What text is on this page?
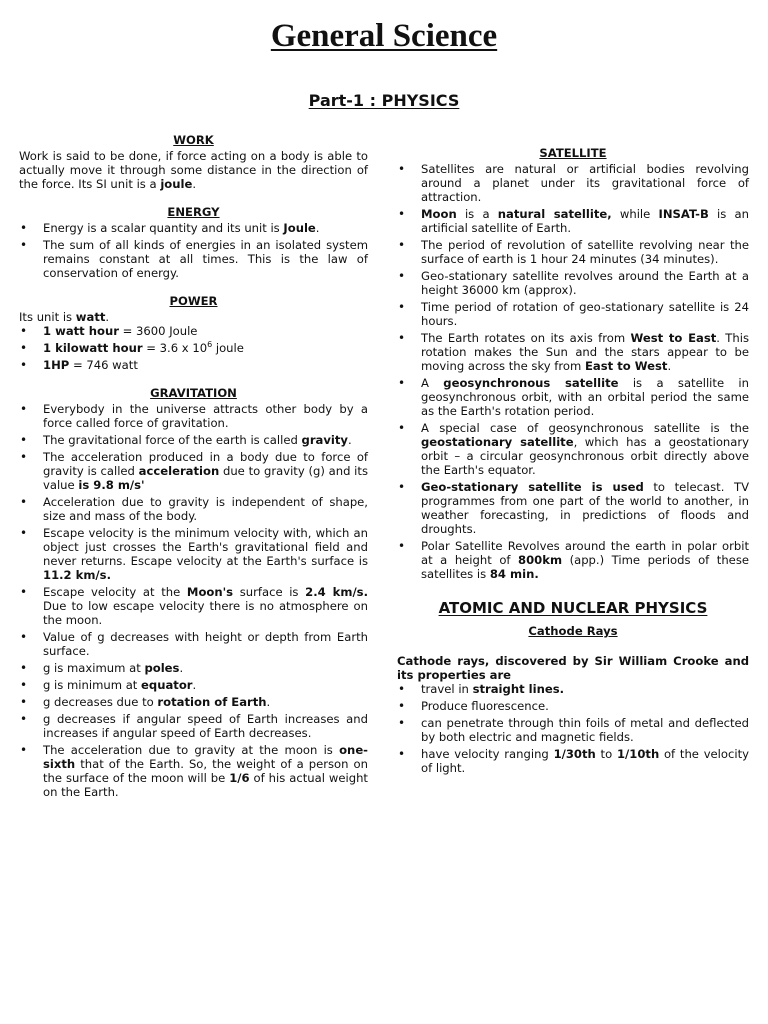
General Science
Part-1 : PHYSICS
WORK

Work is said to be done, if force acting on a body is able to actually move it through some distance in the direction of the force. Its SI unit is a joule.

ENERGY
• Energy is a scalar quantity and its unit is Joule.
• The sum of all kinds of energies in an isolated system remains constant at all times. This is the law of conservation of energy.
POWER

Its unit is watt.

• 1 watt hour = 3600 Joule
• 1 kilowatt hour = 3.6 x $10^6$ joule
• 1HP = 746 watt
GRAVITATION
• Everybody in the universe attracts other body by a force called force of gravitation.
• The gravitational force of the earth is called gravity.
• The acceleration produced in a body due to force of gravity is called acceleration due to gravity (g) and its value is 9.8 m/s'
• Acceleration due to gravity is independent of shape, size and mass of the body.
• Escape velocity is the minimum velocity with, which an object just crosses the Earth's gravitational field and never returns. Escape velocity at the Earth's surface is 11.2 km/s.
• Escape velocity at the Moon's surface is 2.4 km/s. Due to low escape velocity there is no atmosphere on the moon.
• Value of g decreases with height or depth from Earth surface.
• g is maximum at poles.
• g is minimum at equator.
• g decreases due to rotation of Earth.
• g decreases if angular speed of Earth increases and increases if angular speed of Earth decreases.
• The acceleration due to gravity at the moon is one-sixth that of the Earth. So, the weight of a person on the surface of the moon will be 1/6 of his actual weight on the Earth.
SATELLITE
• Satellites are natural or artificial bodies revolving around a planet under its gravitational force of attraction.
• Moon is a natural satellite, while INSAT-B is an artificial satellite of Earth.
• The period of revolution of satellite revolving near the surface of earth is 1 hour 24 minutes (34 minutes).
• Geo-stationary satellite revolves around the Earth at a height 36000 km (approx).
• Time period of rotation of geo-stationary satellite is 24 hours.
• The Earth rotates on its axis from West to East. This rotation makes the Sun and the stars appear to be moving across the sky from East to West.
• A geosynchronous satellite is a satellite in geosynchronous orbit, with an orbital period the same as the Earth's rotation period.
• A special case of geosynchronous satellite is the geostationary satellite, which has a geostationary orbit – a circular geosynchronous orbit directly above the Earth's equator.
• Geo-stationary satellite is used to telecast. TV programmes from one part of the world to another, in weather forecasting, in predictions of floods and droughts.
• Polar Satellite Revolves around the earth in polar orbit at a height of 800km (app.) Time periods of these satellites is 84 min.
ATOMIC AND NUCLEAR PHYSICS
Cathode Rays

Cathode rays, discovered by Sir William Crooke and its properties are

• travel in straight lines.
• Produce fluorescence.
• can penetrate through thin foils of metal and deflected by both electric and magnetic fields.
• have velocity ranging 1/30th to 1/10th of the velocity of light.
